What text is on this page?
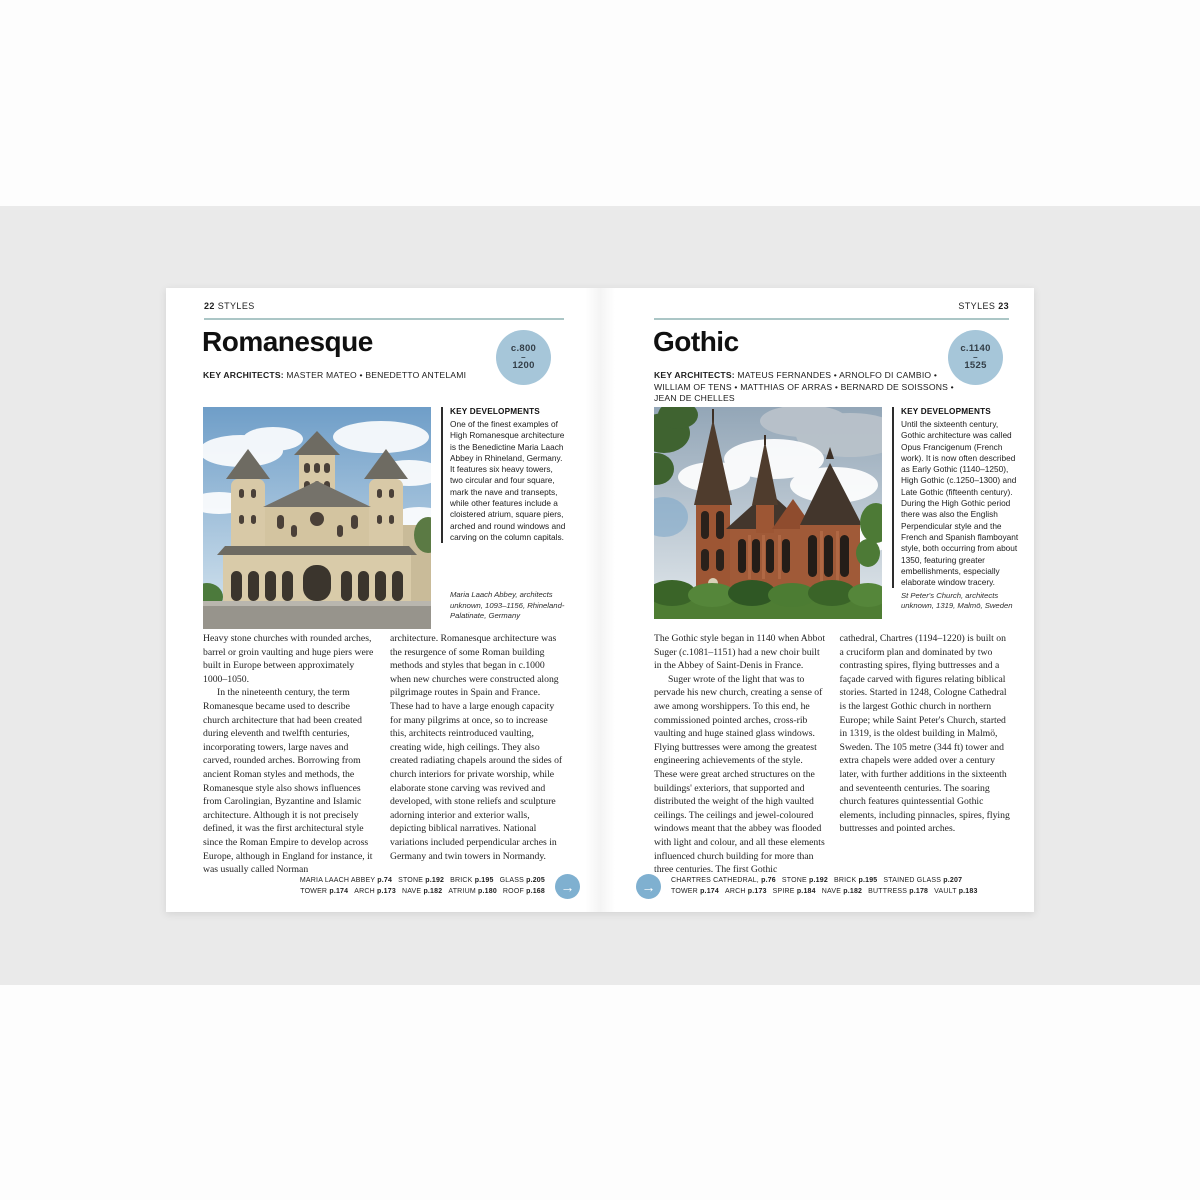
22 STYLES
Romanesque	c.800
–
1200

KEY ARCHITECTS: MASTER MATEO • BENEDETTO ANTELAMI

KEY DEVELOPMENTS

One of the finest examples of High Romanesque architecture is the Benedictine Maria Laach Abbey in Rhineland, Germany. It features six heavy towers, two circular and four square, mark the nave and transepts, while other features include a cloistered atrium, square piers, arched and round windows and carving on the column capitals.

Maria Laach Abbey, architects unknown, 1093–1156, Rhineland-Palatinate, Germany

Heavy stone churches with rounded arches, barrel or groin vaulting and huge piers were built in Europe between approximately 1000–1050.

In the nineteenth century, the term Romanesque became used to describe church architecture that had been created during eleventh and twelfth centuries, incorporating towers, large naves and carved, rounded arches. Borrowing from ancient Roman styles and methods, the Romanesque style also shows influences from Carolingian, Byzantine and Islamic architecture. Although it is not precisely defined, it was the first architectural style since the Roman Empire to develop across Europe, although in England for instance, it was usually called Norman

architecture. Romanesque architecture was the resurgence of some Roman building methods and styles that began in c.1000 when new churches were constructed along pilgrimage routes in Spain and France. These had to have a large enough capacity for many pilgrims at once, so to increase this, architects reintroduced vaulting, creating wide, high ceilings. They also created radiating chapels around the sides of church interiors for private worship, while elaborate stone carving was revived and developed, with stone reliefs and sculpture adorning interior and exterior walls, depicting biblical narratives. National variations included perpendicular arches in Germany and twin towers in Normandy.

MARIA LAACH ABBEY p.74 STONE p.192 BRICK p.195 GLASS p.205
TOWER p.174 ARCH p.173 NAVE p.182 ATRIUM p.180 ROOF p.168	→
STYLES 23
Gothic	c.1140
–
1525

KEY ARCHITECTS: MATEUS FERNANDES • ARNOLFO DI CAMBIO • WILLIAM OF TENS • MATTHIAS OF ARRAS • BERNARD DE SOISSONS • JEAN DE CHELLES

KEY DEVELOPMENTS

Until the sixteenth century, Gothic architecture was called Opus Francigenum (French work). It is now often described as Early Gothic (1140–1250), High Gothic (c.1250–1300) and Late Gothic (fifteenth century). During the High Gothic period there was also the English Perpendicular style and the French and Spanish flamboyant style, both occurring from about 1350, featuring greater embellishments, especially elaborate window tracery.

St Peter's Church, architects unknown, 1319, Malmö, Sweden

The Gothic style began in 1140 when Abbot Suger (c.1081–1151) had a new choir built in the Abbey of Saint-Denis in France.

Suger wrote of the light that was to pervade his new church, creating a sense of awe among worshippers. To this end, he commissioned pointed arches, cross-rib vaulting and huge stained glass windows. Flying buttresses were among the greatest engineering achievements of the style. These were great arched structures on the buildings' exteriors, that supported and distributed the weight of the high vaulted ceilings. The ceilings and jewel-coloured windows meant that the abbey was flooded with light and colour, and all these elements influenced church building for more than three centuries. The first Gothic

cathedral, Chartres (1194–1220) is built on a cruciform plan and dominated by two contrasting spires, flying buttresses and a façade carved with figures relating biblical stories. Started in 1248, Cologne Cathedral is the largest Gothic church in northern Europe; while Saint Peter's Church, started in 1319, is the oldest building in Malmö, Sweden. The 105 metre (344 ft) tower and extra chapels were added over a century later, with further additions in the sixteenth and seventeenth centuries. The soaring church features quintessential Gothic elements, including pinnacles, spires, flying buttresses and pointed arches.

→	CHARTRES CATHEDRAL, p.76 STONE p.192 BRICK p.195 STAINED GLASS p.207
TOWER p.174 ARCH p.173 SPIRE p.184 NAVE p.182 BUTTRESS p.178 VAULT p.183
